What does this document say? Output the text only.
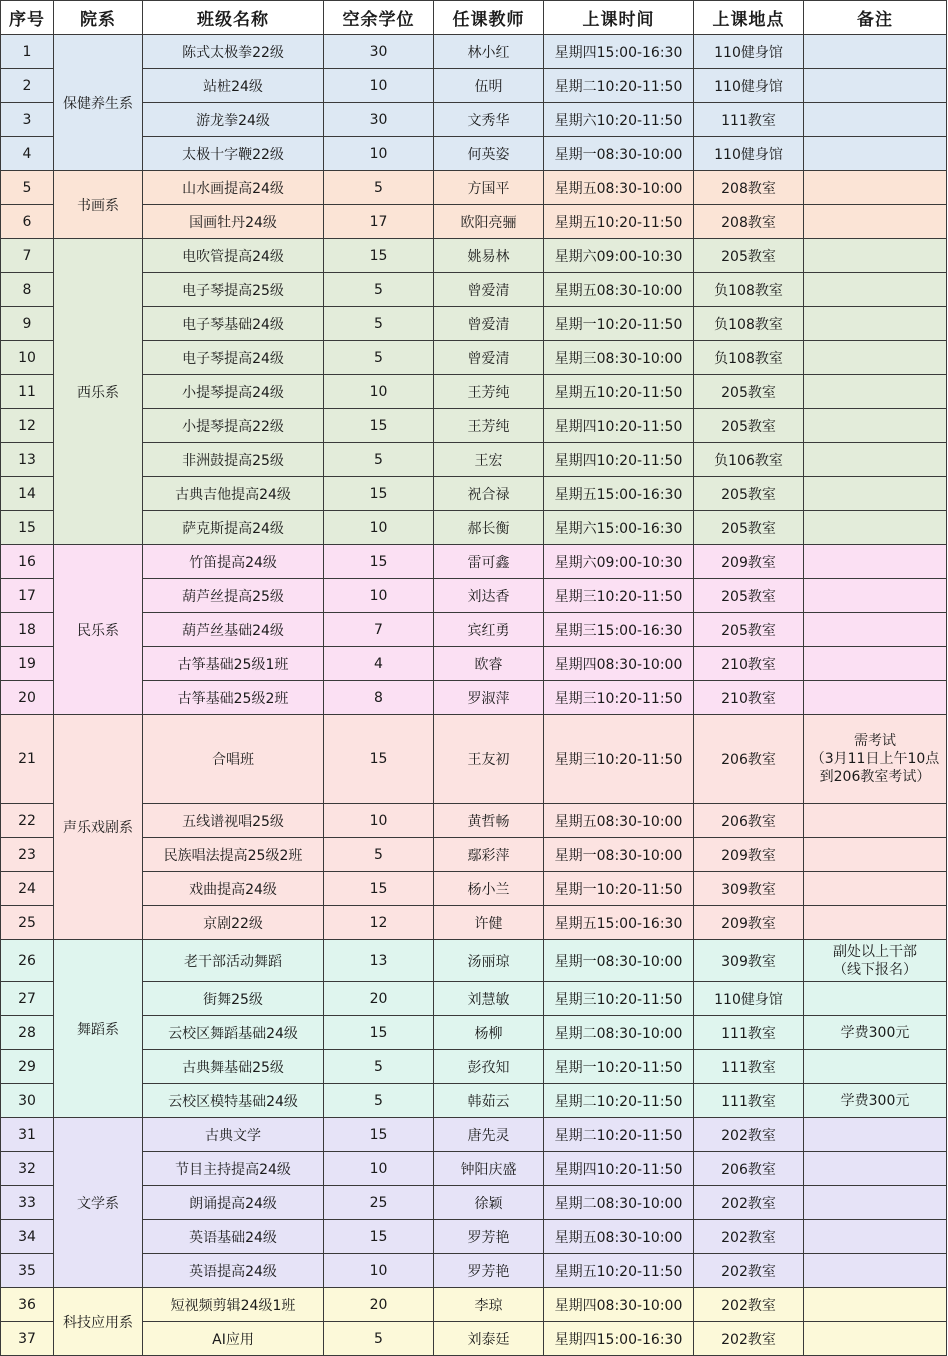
序号	院系	班级名称	空余学位	任课教师	上课时间	上课地点	备注
1	保健养生系	陈式太极拳22级	30	林小红	星期四15:00-16:30	110健身馆	
2		站桩24级	10	伍明	星期二10:20-11:50	110健身馆	
3		游龙拳24级	30	文秀华	星期六10:20-11:50	111教室	
4		太极十字鞭22级	10	何英姿	星期一08:30-10:00	110健身馆	
5	书画系	山水画提高24级	5	方国平	星期五08:30-10:00	208教室	
6		国画牡丹24级	17	欧阳亮骊	星期五10:20-11:50	208教室	
7	西乐系	电吹管提高24级	15	姚易林	星期六09:00-10:30	205教室	
8		电子琴提高25级	5	曾爱清	星期五08:30-10:00	负108教室	
9		电子琴基础24级	5	曾爱清	星期一10:20-11:50	负108教室	
10		电子琴提高24级	5	曾爱清	星期三08:30-10:00	负108教室	
11		小提琴提高24级	10	王芳纯	星期五10:20-11:50	205教室	
12		小提琴提高22级	15	王芳纯	星期四10:20-11:50	205教室	
13		非洲鼓提高25级	5	王宏	星期四10:20-11:50	负106教室	
14		古典吉他提高24级	15	祝合禄	星期五15:00-16:30	205教室	
15		萨克斯提高24级	10	郝长衡	星期六15:00-16:30	205教室	
16	民乐系	竹笛提高24级	15	雷可鑫	星期六09:00-10:30	209教室	
17		葫芦丝提高25级	10	刘达香	星期三10:20-11:50	205教室	
18		葫芦丝基础24级	7	宾红勇	星期三15:00-16:30	205教室	
19		古筝基础25级1班	4	欧睿	星期四08:30-10:00	210教室	
20		古筝基础25级2班	8	罗淑萍	星期三10:20-11:50	210教室	
21	声乐戏剧系	合唱班	15	王友初	星期三10:20-11:50	206教室	需考试
（3月11日上午10点
到206教室考试）
22		五线谱视唱25级	10	黄哲畅	星期五08:30-10:00	206教室	
23		民族唱法提高25级2班	5	鄢彩萍	星期一08:30-10:00	209教室	
24		戏曲提高24级	15	杨小兰	星期一10:20-11:50	309教室	
25		京剧22级	12	许健	星期五15:00-16:30	209教室	
26	舞蹈系	老干部活动舞蹈	13	汤丽琼	星期一08:30-10:00	309教室	副处以上干部
（线下报名）
27		街舞25级	20	刘慧敏	星期三10:20-11:50	110健身馆	
28		云校区舞蹈基础24级	15	杨柳	星期二08:30-10:00	111教室	学费300元
29		古典舞基础25级	5	彭孜知	星期一10:20-11:50	111教室	
30		云校区模特基础24级	5	韩茹云	星期二10:20-11:50	111教室	学费300元
31	文学系	古典文学	15	唐先灵	星期二10:20-11:50	202教室	
32		节目主持提高24级	10	钟阳庆盛	星期四10:20-11:50	206教室	
33		朗诵提高24级	25	徐颖	星期二08:30-10:00	202教室	
34		英语基础24级	15	罗芳艳	星期五08:30-10:00	202教室	
35		英语提高24级	10	罗芳艳	星期五10:20-11:50	202教室	
36	科技应用系	短视频剪辑24级1班	20	李琼	星期四08:30-10:00	202教室	
37		AI应用	5	刘泰廷	星期四15:00-16:30	202教室	
